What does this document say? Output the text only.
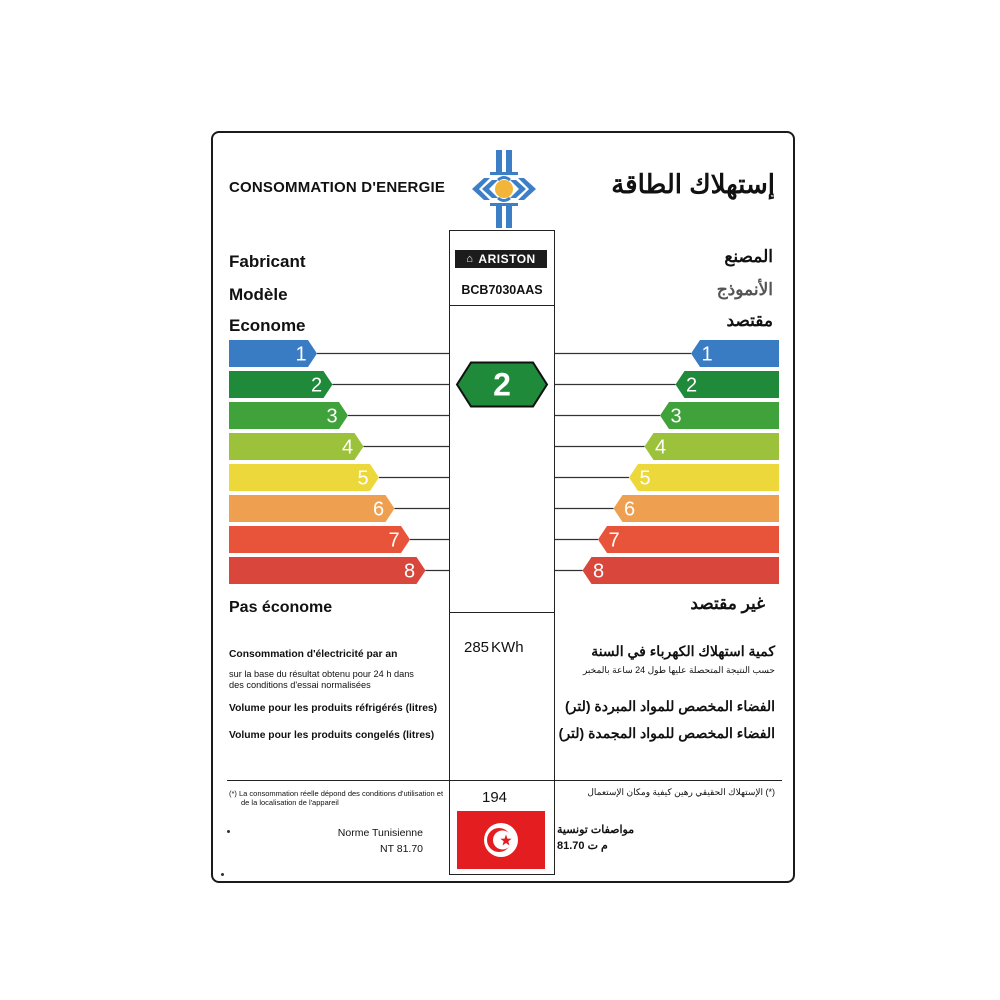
1	1
2	2
3	3
4	4
5	5
6	6
7	7
8	8
2
CONSOMMATION D'ENERGIE	إستهلاك الطاقة
Fabricant	المصنع
Modèle	الأنموذج
Econome	مقتصد
⌂ ARISTON
BCB7030AAS
285 KWh
194
Pas économe	غير مقتصد
Consommation d'électricité par an
sur la base du résultat obtenu pour 24 h dans
des conditions d'essai normalisées
كمية استهلاك الكهرباء في السنة
حسب النتيجة المتحصلة عليها طول 24 ساعة بالمخبر
Volume pour les produits réfrigérés (litres)	الفضاء المخصص للمواد المبردة (لتر)
Volume pour les produits congelés (litres)	الفضاء المخصص للمواد المجمدة (لتر)
(*) La consommation réelle dépond des conditions d'utilisation et
de la localisation de l'appareil
(*) الإستهلاك الحقيقي رهين كيفية ومكان الإستعمال
Norme Tunisienne
NT 81.70
مواصفات تونسية
م ت 81.70
